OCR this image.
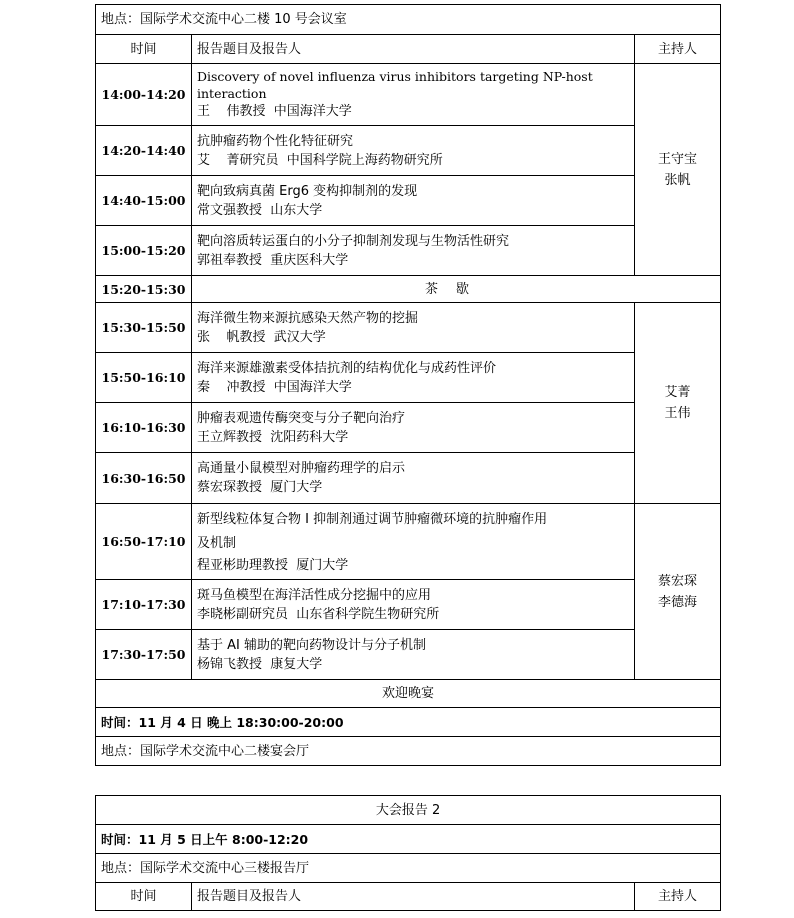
地点：国际学术交流中心二楼 10 号会议室		
时间	报告题目及报告人	主持人
14:00-14:20	Discovery of novel influenza virus inhibitors targeting NP-host interaction
王    伟教授  中国海洋大学	王守宝
张帆

14:20-14:40	抗肿瘤药物个性化特征研究
艾    菁研究员  中国科学院上海药物研究所	

14:40-15:00	靶向致病真菌 Erg6 变构抑制剂的发现
常文强教授  山东大学	

15:00-15:20	靶向溶质转运蛋白的小分子抑制剂发现与生物活性研究
郭祖奉教授  重庆医科大学	

15:20-15:30	茶歇	
15:30-15:50	海洋微生物来源抗感染天然产物的挖掘
张    帆教授  武汉大学	艾菁
王伟

15:50-16:10	海洋来源雄激素受体拮抗剂的结构优化与成药性评价
秦    冲教授  中国海洋大学	

16:10-16:30	肿瘤表观遗传酶突变与分子靶向治疗
王立辉教授  沈阳药科大学	

16:30-16:50	高通量小鼠模型对肿瘤药理学的启示
蔡宏琛教授  厦门大学	

16:50-17:10	新型线粒体复合物 I 抑制剂通过调节肿瘤微环境的抗肿瘤作用
及机制
程亚彬助理教授  厦门大学	蔡宏琛
李德海

17:10-17:30	斑马鱼模型在海洋活性成分挖掘中的应用
李晓彬副研究员  山东省科学院生物研究所	

17:30-17:50	基于 AI 辅助的靶向药物设计与分子机制
杨锦飞教授  康复大学	

欢迎晚宴		
时间：11 月 4 日 晚上 18:30:00-20:00		
地点：国际学术交流中心二楼宴会厅		
大会报告 2
时间：11 月 5 日上午 8:00-12:20
地点：国际学术交流中心三楼报告厅
时间	报告题目及报告人	主持人
